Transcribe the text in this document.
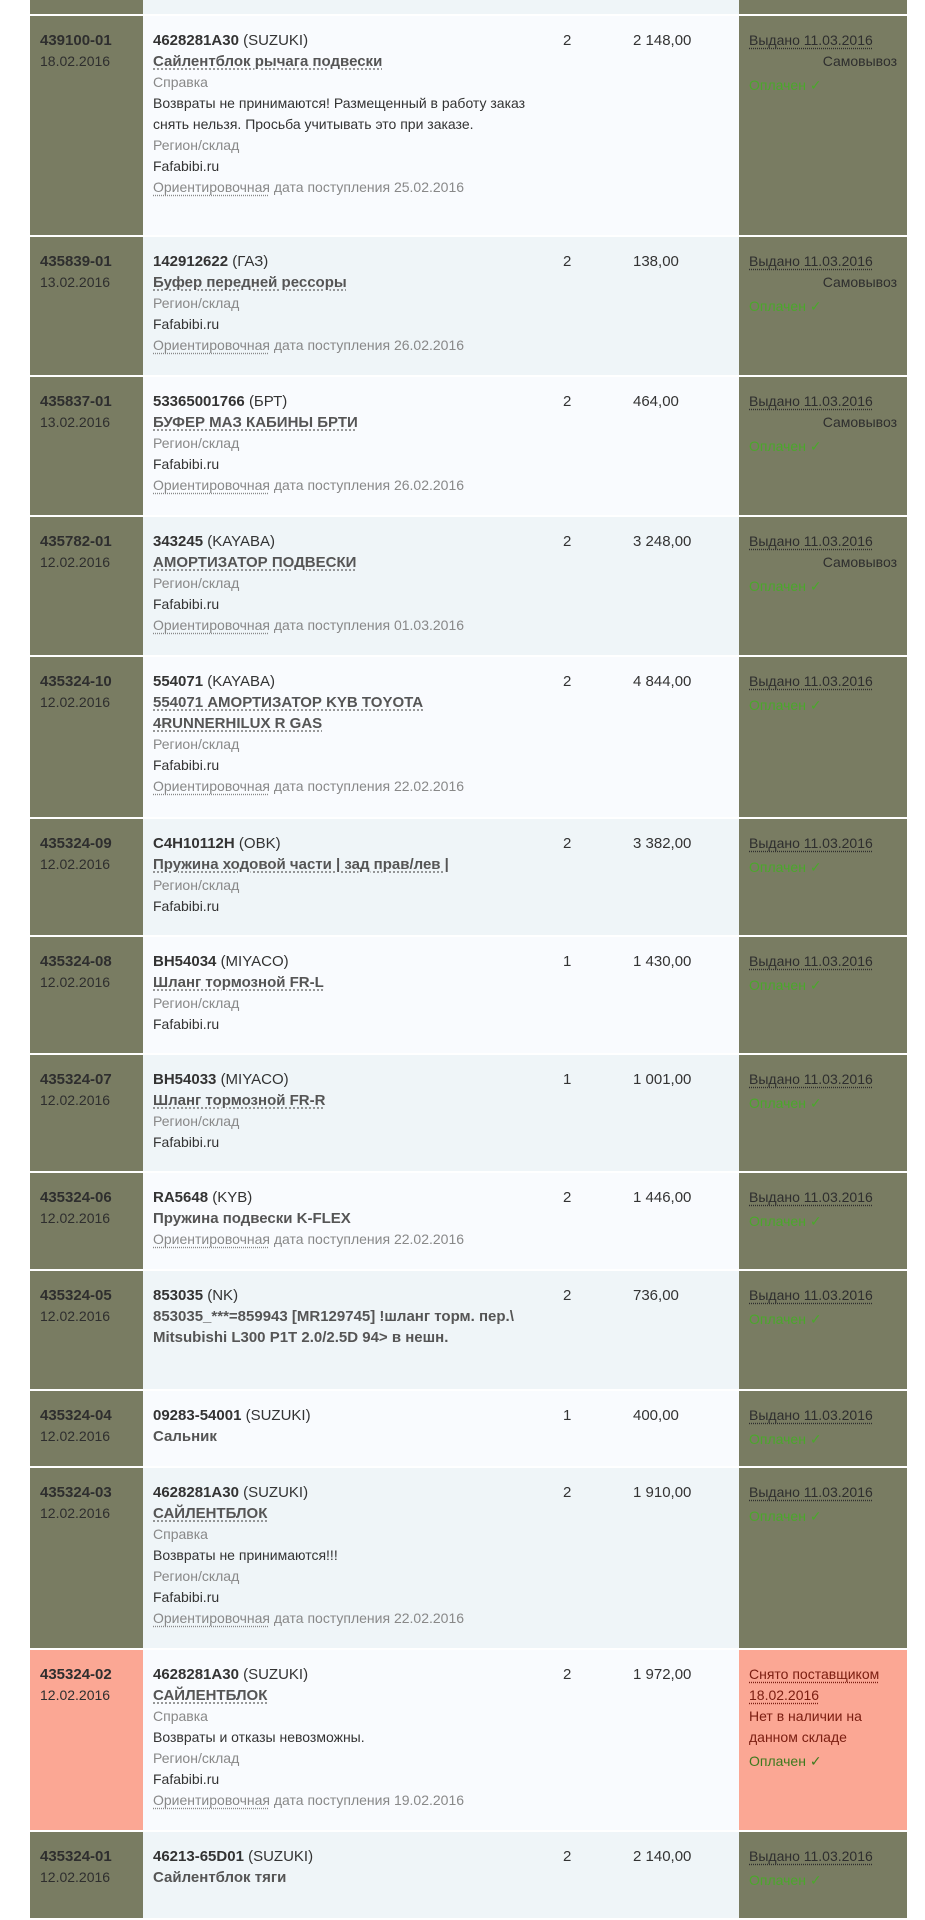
439100-01
18.02.2016
4628281A30 (SUZUKI)
Сайлентблок рычага подвески
Справка
Возвраты не принимаются! Размещенный в работу заказ снять нельзя. Просьба учитывать это при заказе.
Регион/склад
Fafabibi.ru
Ориентировочная дата поступления 25.02.2016
2	2 148,00	Выдано 11.03.2016
Самовывоз
Оплачен ✓
435839-01
13.02.2016
142912622 (ГАЗ)
Буфер передней рессоры
Регион/склад
Fafabibi.ru
Ориентировочная дата поступления 26.02.2016
2	138,00	Выдано 11.03.2016
Самовывоз
Оплачен ✓
435837-01
13.02.2016
53365001766 (БРТ)
БУФЕР МАЗ КАБИНЫ БРТИ
Регион/склад
Fafabibi.ru
Ориентировочная дата поступления 26.02.2016
2	464,00	Выдано 11.03.2016
Самовывоз
Оплачен ✓
435782-01
12.02.2016
343245 (KAYABA)
АМОРТИЗАТОР ПОДВЕСКИ
Регион/склад
Fafabibi.ru
Ориентировочная дата поступления 01.03.2016
2	3 248,00	Выдано 11.03.2016
Самовывоз
Оплачен ✓
435324-10
12.02.2016
554071 (KAYABA)
554071 АМОРТИЗАТОР KYB TOYOTA 4RUNNERHILUX R GAS
Регион/склад
Fafabibi.ru
Ориентировочная дата поступления 22.02.2016
2	4 844,00	Выдано 11.03.2016
Оплачен ✓
435324-09
12.02.2016
C4H10112H (OBK)
Пружина ходовой части | зад прав/лев |
Регион/склад
Fafabibi.ru
2	3 382,00	Выдано 11.03.2016
Оплачен ✓
435324-08
12.02.2016
BH54034 (MIYACO)
Шланг тормозной FR-L
Регион/склад
Fafabibi.ru
1	1 430,00	Выдано 11.03.2016
Оплачен ✓
435324-07
12.02.2016
BH54033 (MIYACO)
Шланг тормозной FR-R
Регион/склад
Fafabibi.ru
1	1 001,00	Выдано 11.03.2016
Оплачен ✓
435324-06
12.02.2016
RA5648 (KYB)
Пружина подвески K-FLEX
Ориентировочная дата поступления 22.02.2016
2	1 446,00	Выдано 11.03.2016
Оплачен ✓
435324-05
12.02.2016
853035 (NK)
853035_***=859943 [MR129745] !шланг торм. пер.\ Mitsubishi L300 P1T 2.0/2.5D 94> в нешн.
2	736,00	Выдано 11.03.2016
Оплачен ✓
435324-04
12.02.2016
09283-54001 (SUZUKI)
Сальник
1	400,00	Выдано 11.03.2016
Оплачен ✓
435324-03
12.02.2016
4628281A30 (SUZUKI)
САЙЛЕНТБЛОК
Справка
Возвраты не принимаются!!!
Регион/склад
Fafabibi.ru
Ориентировочная дата поступления 22.02.2016
2	1 910,00	Выдано 11.03.2016
Оплачен ✓
435324-02
12.02.2016
4628281A30 (SUZUKI)
САЙЛЕНТБЛОК
Справка
Возвраты и отказы невозможны.
Регион/склад
Fafabibi.ru
Ориентировочная дата поступления 19.02.2016
2	1 972,00	Снято поставщиком 18.02.2016
Нет в наличии на данном складе
Оплачен ✓
435324-01
12.02.2016
46213-65D01 (SUZUKI)
Сайлентблок тяги
2	2 140,00	Выдано 11.03.2016
Оплачен ✓
